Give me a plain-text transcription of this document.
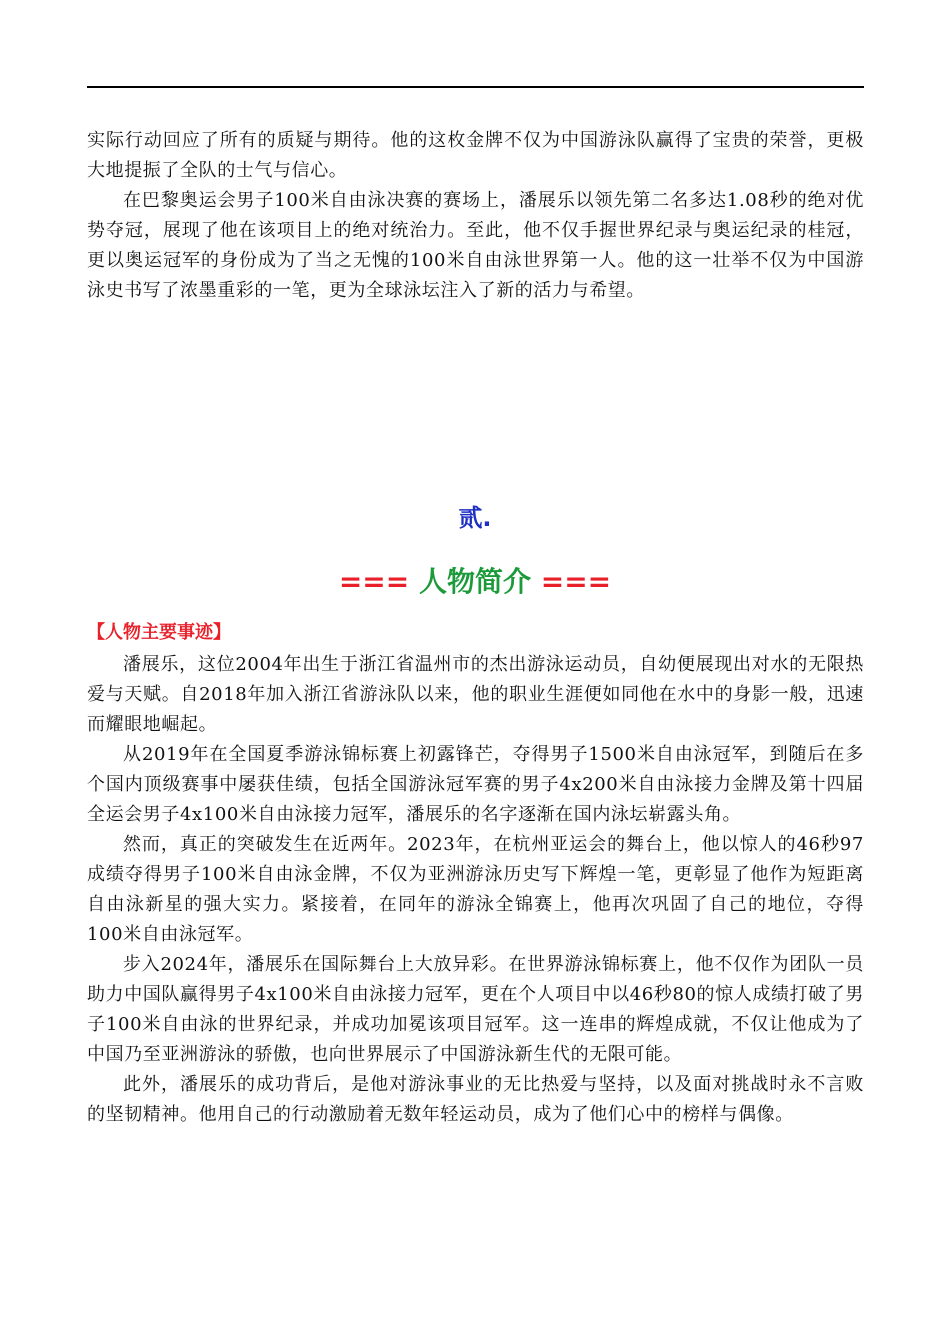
实际行动回应了所有的质疑与期待。他的这枚金牌不仅为中国游泳队赢得了宝贵的荣誉，更极大地提振了全队的士气与信心。

在巴黎奥运会男子100米自由泳决赛的赛场上，潘展乐以领先第二名多达1.08秒的绝对优势夺冠，展现了他在该项目上的绝对统治力。至此，他不仅手握世界纪录与奥运纪录的桂冠，更以奥运冠军的身份成为了当之无愧的100米自由泳世界第一人。他的这一壮举不仅为中国游泳史书写了浓墨重彩的一笔，更为全球泳坛注入了新的活力与希望。

贰.
=== 人物简介 ===
【人物主要事迹】

潘展乐，这位2004年出生于浙江省温州市的杰出游泳运动员，自幼便展现出对水的无限热爱与天赋。自2018年加入浙江省游泳队以来，他的职业生涯便如同他在水中的身影一般，迅速而耀眼地崛起。

从2019年在全国夏季游泳锦标赛上初露锋芒，夺得男子1500米自由泳冠军，到随后在多个国内顶级赛事中屡获佳绩，包括全国游泳冠军赛的男子4x200米自由泳接力金牌及第十四届全运会男子4x100米自由泳接力冠军，潘展乐的名字逐渐在国内泳坛崭露头角。

然而，真正的突破发生在近两年。2023年，在杭州亚运会的舞台上，他以惊人的46秒97成绩夺得男子100米自由泳金牌，不仅为亚洲游泳历史写下辉煌一笔，更彰显了他作为短距离自由泳新星的强大实力。紧接着，在同年的游泳全锦赛上，他再次巩固了自己的地位，夺得100米自由泳冠军。

步入2024年，潘展乐在国际舞台上大放异彩。在世界游泳锦标赛上，他不仅作为团队一员助力中国队赢得男子4x100米自由泳接力冠军，更在个人项目中以46秒80的惊人成绩打破了男子100米自由泳的世界纪录，并成功加冕该项目冠军。这一连串的辉煌成就，不仅让他成为了中国乃至亚洲游泳的骄傲，也向世界展示了中国游泳新生代的无限可能。

此外，潘展乐的成功背后，是他对游泳事业的无比热爱与坚持，以及面对挑战时永不言败的坚韧精神。他用自己的行动激励着无数年轻运动员，成为了他们心中的榜样与偶像。
